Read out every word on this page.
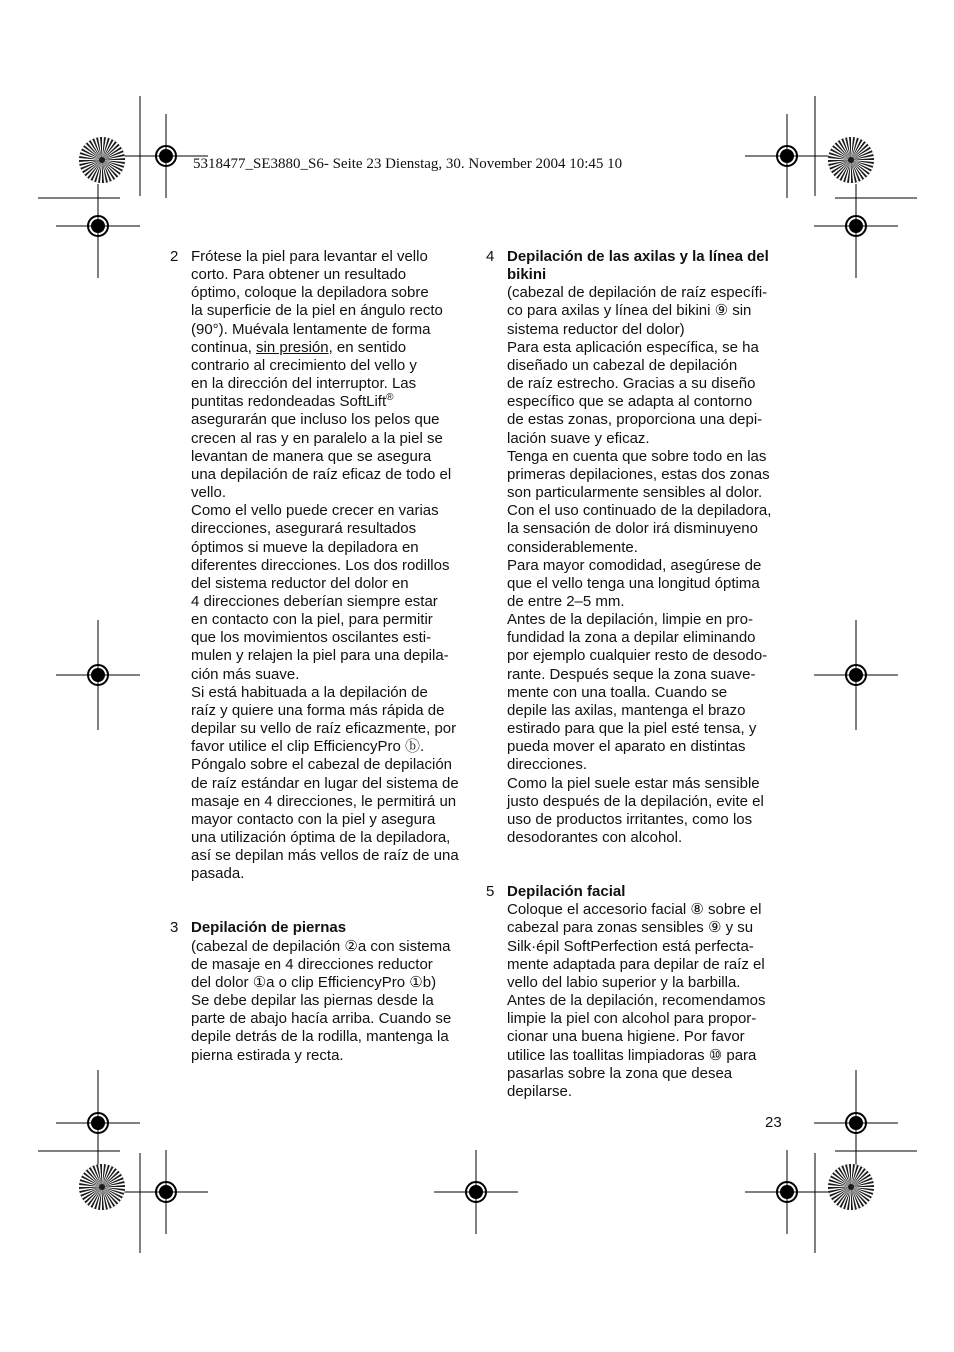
5318477_SE3880_S6- Seite 23 Dienstag, 30. November 2004 10:45 10
2 Frótese la piel para levantar el vello
corto. Para obtener un resultado
óptimo, coloque la depiladora sobre
la superficie de la piel en ángulo recto
(90°). Muévala lentamente de forma
continua, sin presión, en sentido
contrario al crecimiento del vello y
en la dirección del interruptor. Las
puntitas redondeadas SoftLift®
asegurarán que incluso los pelos que
crecen al ras y en paralelo a la piel se
levantan de manera que se asegura
una depilación de raíz eficaz de todo el
vello.
Como el vello puede crecer en varias
direcciones, asegurará resultados
óptimos si mueve la depiladora en
diferentes direcciones. Los dos rodillos
del sistema reductor del dolor en
4 direcciones deberían siempre estar
en contacto con la piel, para permitir
que los movimientos oscilantes esti-
mulen y relajen la piel para una depila-
ción más suave.
Si está habituada a la depilación de
raíz y quiere una forma más rápida de
depilar su vello de raíz eficazmente, por
favor utilice el clip EfficiencyPro ⓑ.
Póngalo sobre el cabezal de depilación
de raíz estándar en lugar del sistema de
masaje en 4 direcciones, le permitirá un
mayor contacto con la piel y asegura
una utilización óptima de la depiladora,
así se depilan más vellos de raíz de una
pasada.
3 Depilación de piernas
(cabezal de depilación ②a con sistema
de masaje en 4 direcciones reductor
del dolor ①a o clip EfficiencyPro ①b)
Se debe depilar las piernas desde la
parte de abajo hacía arriba. Cuando se
depile detrás de la rodilla, mantenga la
pierna estirada y recta.
4 Depilación de las axilas y la línea del
bikini
(cabezal de depilación de raíz específi-
co para axilas y línea del bikini ⑨ sin
sistema reductor del dolor)
Para esta aplicación específica, se ha
diseñado un cabezal de depilación
de raíz estrecho. Gracias a su diseño
específico que se adapta al contorno
de estas zonas, proporciona una depi-
lación suave y eficaz.
Tenga en cuenta que sobre todo en las
primeras depilaciones, estas dos zonas
son particularmente sensibles al dolor.
Con el uso continuado de la depiladora,
la sensación de dolor irá disminuyeno
considerablemente.
Para mayor comodidad, asegúrese de
que el vello tenga una longitud óptima
de entre 2–5 mm.
Antes de la depilación, limpie en pro-
fundidad la zona a depilar eliminando
por ejemplo cualquier resto de desodo-
rante. Después seque la zona suave-
mente con una toalla. Cuando se
depile las axilas, mantenga el brazo
estirado para que la piel esté tensa, y
pueda mover el aparato en distintas
direcciones.
Como la piel suele estar más sensible
justo después de la depilación, evite el
uso de productos irritantes, como los
desodorantes con alcohol.
5 Depilación facial
Coloque el accesorio facial ⑧ sobre el
cabezal para zonas sensibles ⑨ y su
Silk·épil SoftPerfection está perfecta-
mente adaptada para depilar de raíz el
vello del labio superior y la barbilla.
Antes de la depilación, recomendamos
limpie la piel con alcohol para propor-
cionar una buena higiene. Por favor
utilice las toallitas limpiadoras ⑩ para
pasarlas sobre la zona que desea
depilarse.
23
